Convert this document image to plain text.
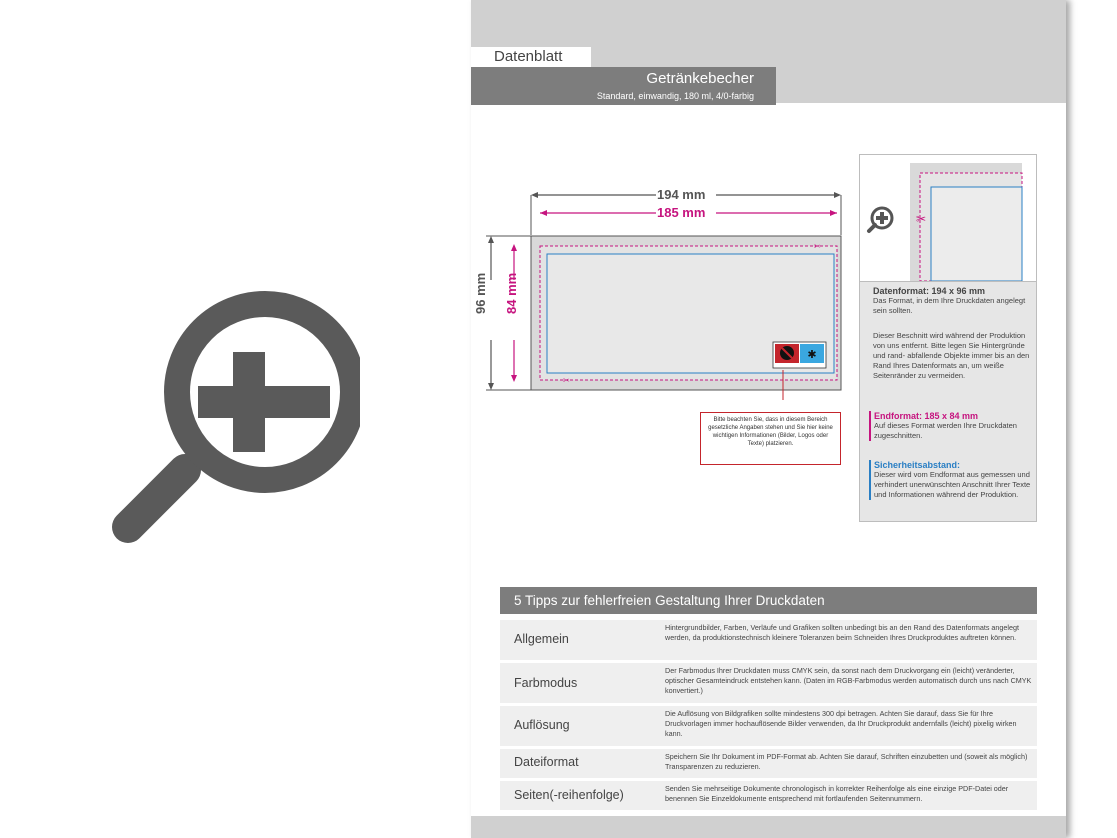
Datenblatt
Getränkebecher
Standard, einwandig, 180 ml, 4/0-farbig
✂
✂
✱
194 mm
185 mm
96 mm 84 mm
FLÜSSIGKEITSGRENZE
Bitte beachten Sie, dass in diesem Bereich gesetzliche Angaben stehen und Sie hier keine wichtigen Informationen (Bilder, Logos oder Texte) platzieren.
✂
Datenformat: 194 x 96 mm
Das Format, in dem Ihre Druckdaten angelegt sein sollten.
Dieser Beschnitt wird während der Produktion von uns entfernt. Bitte legen Sie Hintergründe und rand- abfallende Objekte immer bis an den Rand Ihres Datenformats an, um weiße Seitenränder zu vermeiden.
Endformat: 185 x 84 mm
Auf dieses Format werden Ihre Druckdaten zugeschnitten.
Sicherheitsabstand:
Dieser wird vom Endformat aus gemessen und verhindert unerwünschten Anschnitt Ihrer Texte und Informationen während der Produktion.
5 Tipps zur fehlerfreien Gestaltung Ihrer Druckdaten
Allgemein
Hintergrundbilder, Farben, Verläufe und Grafiken sollten unbedingt bis an den Rand des Datenformats angelegt werden, da produktionstechnisch kleinere Toleranzen beim Schneiden Ihres Druckproduktes auftreten können.
Farbmodus
Der Farbmodus Ihrer Druckdaten muss CMYK sein, da sonst nach dem Druckvorgang ein (leicht) veränderter, optischer Gesamteindruck entstehen kann. (Daten im RGB-Farbmodus werden automatisch durch uns nach CMYK konvertiert.)
Auflösung
Die Auflösung von Bildgrafiken sollte mindestens 300 dpi betragen. Achten Sie darauf, dass Sie für Ihre Druckvorlagen immer hochauflösende Bilder verwenden, da Ihr Druckprodukt andernfalls (leicht) pixelig wirken kann.
Dateiformat	Speichern Sie Ihr Dokument im PDF-Format ab. Achten Sie darauf, Schriften einzubetten und (soweit als möglich) Transparenzen zu reduzieren.
Seiten(-reihenfolge)	Senden Sie mehrseitige Dokumente chronologisch in korrekter Reihenfolge als eine einzige PDF-Datei oder benennen Sie Einzeldokumente entsprechend mit fortlaufenden Seitennummern.
